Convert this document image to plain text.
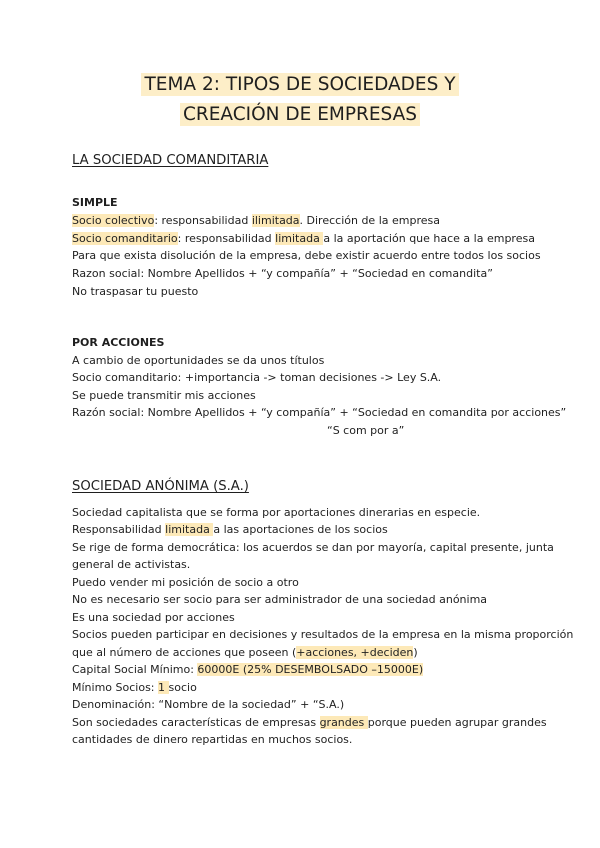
TEMA 2: TIPOS DE SOCIEDADES Y
CREACIÓN DE EMPRESAS
LA SOCIEDAD COMANDITARIA
SIMPLE
Socio colectivo: responsabilidad ilimitada. Dirección de la empresa
Socio comanditario: responsabilidad limitada a la aportación que hace a la empresa
Para que exista disolución de la empresa, debe existir acuerdo entre todos los socios
Razon social: Nombre Apellidos + “y compañía” + “Sociedad en comandita”
No traspasar tu puesto
POR ACCIONES
A cambio de oportunidades se da unos títulos
Socio comanditario: +importancia -> toman decisiones -> Ley S.A.
Se puede transmitir mis acciones
Razón social: Nombre Apellidos + “y compañía” + “Sociedad en comandita por acciones”
“S com por a”
SOCIEDAD ANÓNIMA (S.A.)
Sociedad capitalista que se forma por aportaciones dinerarias en especie.
Responsabilidad limitada a las aportaciones de los socios
Se rige de forma democrática: los acuerdos se dan por mayoría, capital presente, junta
general de activistas.
Puedo vender mi posición de socio a otro
No es necesario ser socio para ser administrador de una sociedad anónima
Es una sociedad por acciones
Socios pueden participar en decisiones y resultados de la empresa en la misma proporción
que al número de acciones que poseen (+acciones, +deciden)
Capital Social Mínimo: 60000E (25% DESEMBOLSADO –15000E)
Mínimo Socios: 1 socio
Denominación: “Nombre de la sociedad” + “S.A.)
Son sociedades características de empresas grandes porque pueden agrupar grandes
cantidades de dinero repartidas en muchos socios.
